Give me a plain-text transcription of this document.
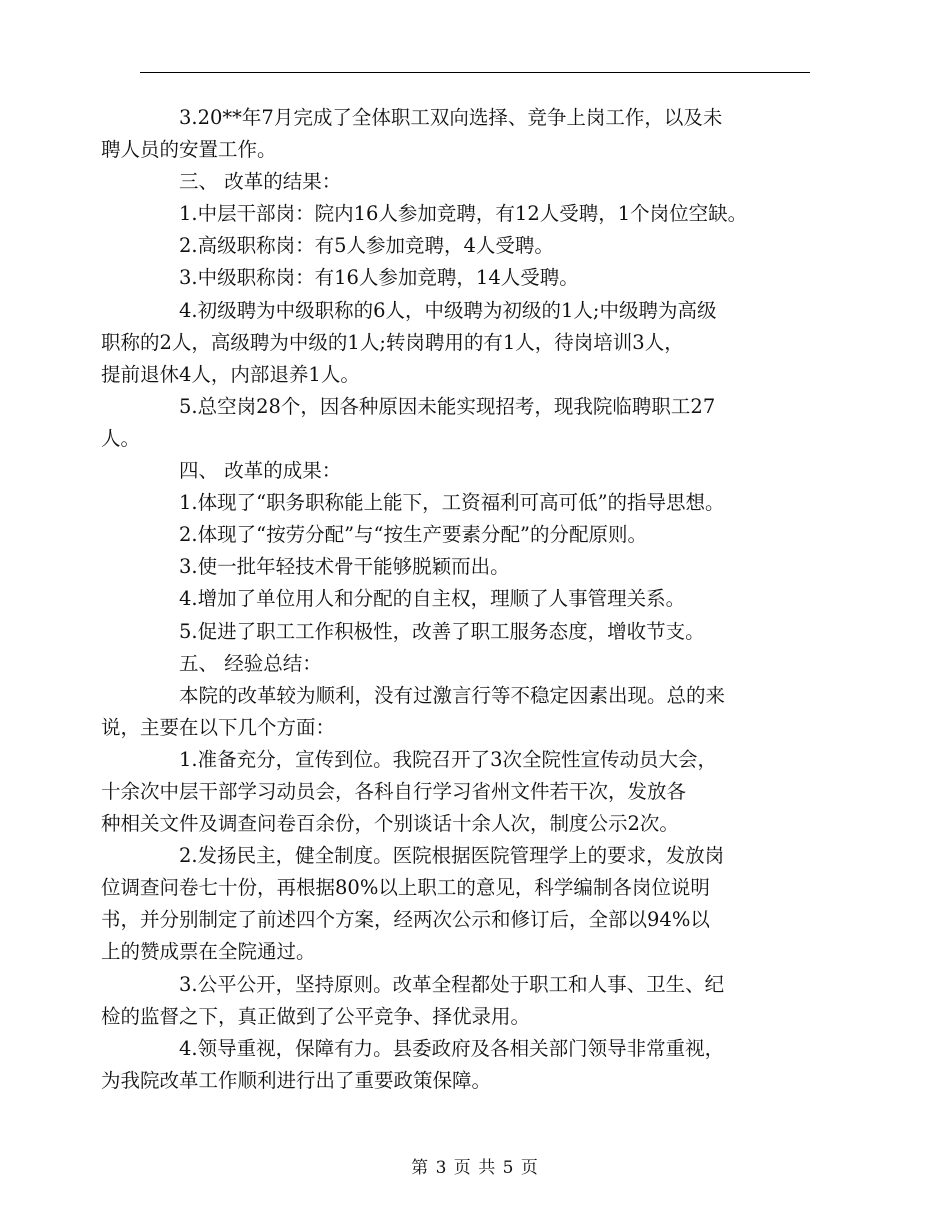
3.20**年7月完成了全体职工双向选择、竞争上岗工作，以及未
聘人员的安置工作。

三、 改革的结果：

1.中层干部岗：院内16人参加竞聘，有12人受聘，1个岗位空缺。

2.高级职称岗：有5人参加竞聘，4人受聘。

3.中级职称岗：有16人参加竞聘，14人受聘。

4.初级聘为中级职称的6人，中级聘为初级的1人;中级聘为高级
职称的2人，高级聘为中级的1人;转岗聘用的有1人，待岗培训3人，
提前退休4人，内部退养1人。

5.总空岗28个，因各种原因未能实现招考，现我院临聘职工27
人。

四、 改革的成果：

1.体现了“职务职称能上能下，工资福利可高可低”的指导思想。

2.体现了“按劳分配”与“按生产要素分配”的分配原则。

3.使一批年轻技术骨干能够脱颖而出。

4.增加了单位用人和分配的自主权，理顺了人事管理关系。

5.促进了职工工作积极性，改善了职工服务态度，增收节支。

五、 经验总结：

本院的改革较为顺利，没有过激言行等不稳定因素出现。总的来
说，主要在以下几个方面：

1.准备充分，宣传到位。我院召开了3次全院性宣传动员大会，
十余次中层干部学习动员会，各科自行学习省州文件若干次，发放各
种相关文件及调查问卷百余份，个别谈话十余人次，制度公示2次。

2.发扬民主，健全制度。医院根据医院管理学上的要求，发放岗
位调查问卷七十份，再根据80%以上职工的意见，科学编制各岗位说明
书，并分别制定了前述四个方案，经两次公示和修订后，全部以94%以
上的赞成票在全院通过。

3.公平公开，坚持原则。改革全程都处于职工和人事、卫生、纪
检的监督之下，真正做到了公平竞争、择优录用。

4.领导重视，保障有力。县委政府及各相关部门领导非常重视，
为我院改革工作顺利进行出了重要政策保障。

第 3 页 共 5 页
